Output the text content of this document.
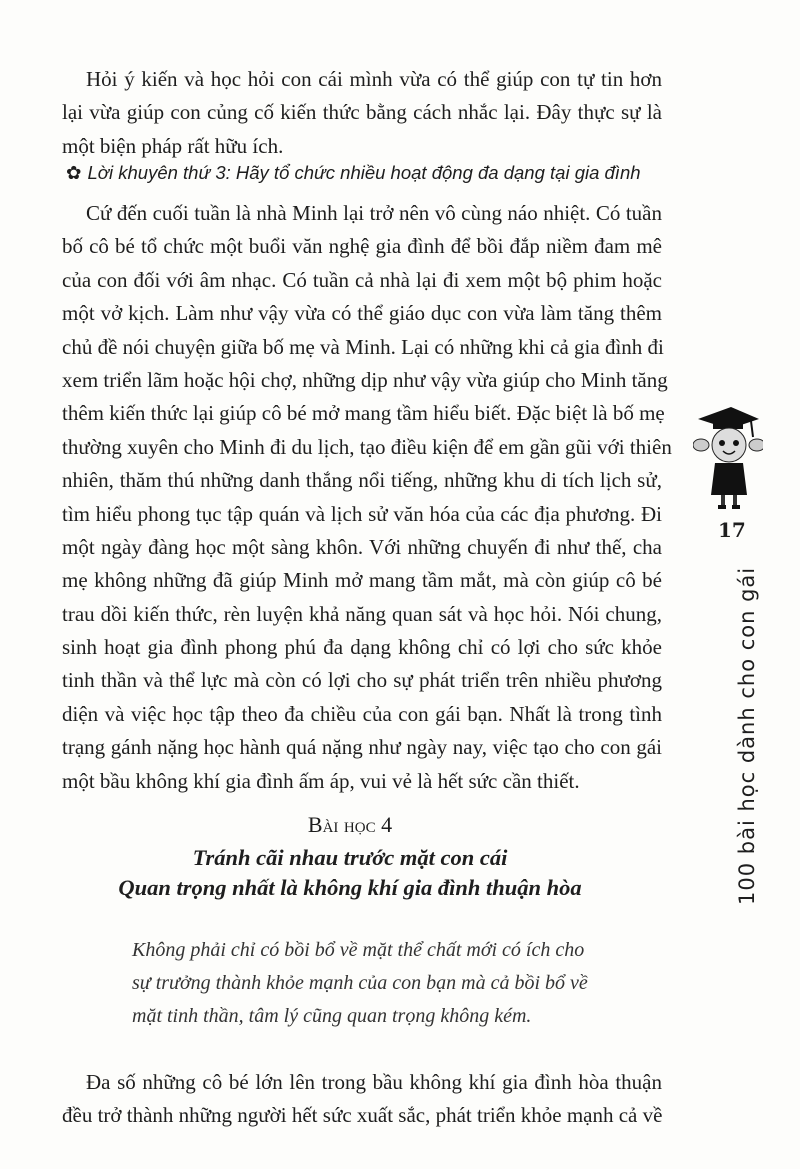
Hỏi ý kiến và học hỏi con cái mình vừa có thể giúp con tự tin hơn
lại vừa giúp con củng cố kiến thức bằng cách nhắc lại. Đây thực sự là
một biện pháp rất hữu ích.
✿ Lời khuyên thứ 3: Hãy tổ chức nhiều hoạt động đa dạng tại gia đình
Cứ đến cuối tuần là nhà Minh lại trở nên vô cùng náo nhiệt. Có tuần
bố cô bé tổ chức một buổi văn nghệ gia đình để bồi đắp niềm đam mê
của con đối với âm nhạc. Có tuần cả nhà lại đi xem một bộ phim hoặc
một vở kịch. Làm như vậy vừa có thể giáo dục con vừa làm tăng thêm
chủ đề nói chuyện giữa bố mẹ và Minh. Lại có những khi cả gia đình đi
xem triển lãm hoặc hội chợ, những dịp như vậy vừa giúp cho Minh tăng
thêm kiến thức lại giúp cô bé mở mang tầm hiểu biết. Đặc biệt là bố mẹ
thường xuyên cho Minh đi du lịch, tạo điều kiện để em gần gũi với thiên
nhiên, thăm thú những danh thắng nổi tiếng, những khu di tích lịch sử,
tìm hiểu phong tục tập quán và lịch sử văn hóa của các địa phương. Đi
một ngày đàng học một sàng khôn. Với những chuyến đi như thế, cha
mẹ không những đã giúp Minh mở mang tầm mắt, mà còn giúp cô bé
trau dồi kiến thức, rèn luyện khả năng quan sát và học hỏi. Nói chung,
sinh hoạt gia đình phong phú đa dạng không chỉ có lợi cho sức khỏe
tinh thần và thể lực mà còn có lợi cho sự phát triển trên nhiều phương
diện và việc học tập theo đa chiều của con gái bạn. Nhất là trong tình
trạng gánh nặng học hành quá nặng như ngày nay, việc tạo cho con gái
một bầu không khí gia đình ấm áp, vui vẻ là hết sức cần thiết.
Bài học 4
Tránh cãi nhau trước mặt con cái
Quan trọng nhất là không khí gia đình thuận hòa
Không phải chỉ có bồi bổ về mặt thể chất mới có ích cho
sự trưởng thành khỏe mạnh của con bạn mà cả bồi bổ về
mặt tinh thần, tâm lý cũng quan trọng không kém.
Đa số những cô bé lớn lên trong bầu không khí gia đình hòa thuận
đều trở thành những người hết sức xuất sắc, phát triển khỏe mạnh cả về
17
100 bài học dành cho con gái
